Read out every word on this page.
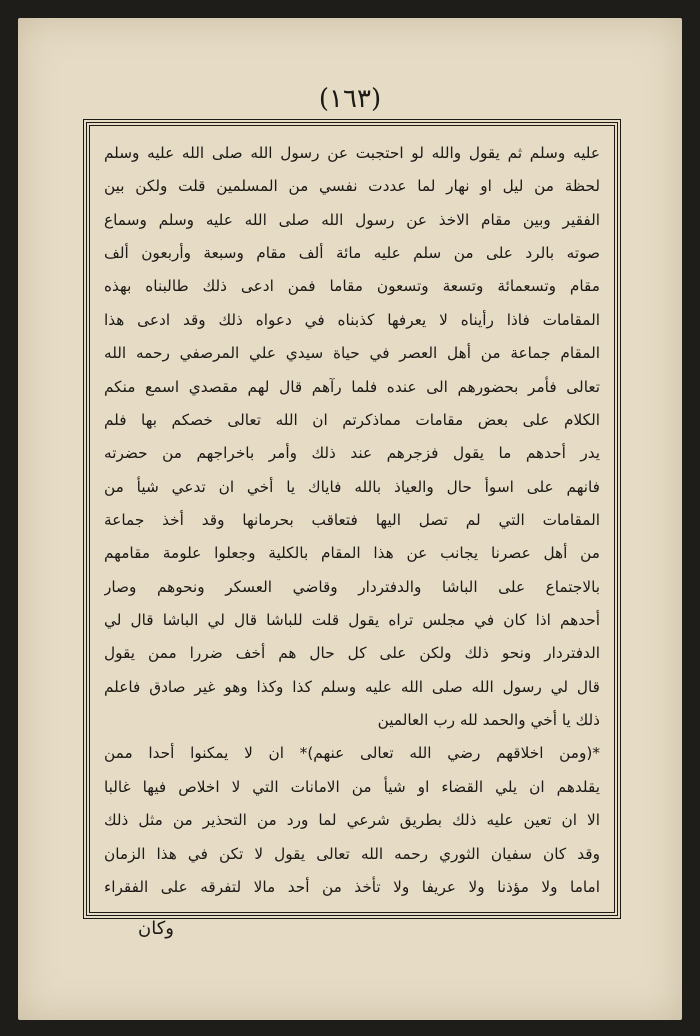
(١٦٣)
عليه وسلم ثم يقول والله لو احتجبت عن رسول الله صلى الله عليه وسلم
لحظة من ليل او نهار لما عددت نفسي من المسلمين قلت ولكن بين
الفقير وبين مقام الاخذ عن رسول الله صلى الله عليه وسلم وسماع
صوته بالرد على من سلم عليه مائة ألف مقام وسبعة وأربعون ألف
مقام وتسعمائة وتسعة وتسعون مقاما فمن ادعى ذلك طالبناه بهذه
المقامات فاذا رأيناه لا يعرفها كذبناه في دعواه ذلك وقد ادعى هذا
المقام جماعة من أهل العصر في حياة سيدي علي المرصفي رحمه الله
تعالى فأمر بحضورهم الى عنده فلما رآهم قال لهم مقصدي اسمع منكم
الكلام على بعض مقامات مماذكرتم ان الله تعالى خصكم بها فلم
يدر أحدهم ما يقول فزجرهم عند ذلك وأمر باخراجهم من حضرته
فانهم على اسوأ حال والعياذ بالله فاياك يا أخي ان تدعي شيأ من
المقامات التي لم تصل اليها فتعاقب بحرمانها وقد أخذ جماعة
من أهل عصرنا يجانب عن هذا المقام بالكلية وجعلوا علومة مقامهم
بالاجتماع على الباشا والدفتردار وقاضي العسكر ونحوهم وصار
أحدهم اذا كان في مجلس تراه يقول قلت للباشا قال لي الباشا قال لي
الدفتردار ونحو ذلك ولكن على كل حال هم أخف ضررا ممن يقول
قال لي رسول الله صلى الله عليه وسلم كذا وكذا وهو غير صادق فاعلم
ذلك يا أخي والحمد لله رب العالمين
*(ومن اخلاقهم رضي الله تعالى عنهم)* ان لا يمكنوا أحدا ممن
يقلدهم ان يلي القضاء او شيأ من الامانات التي لا اخلاص فيها غالبا
الا ان تعين عليه ذلك بطريق شرعي لما ورد من التحذير من مثل ذلك
وقد كان سفيان الثوري رحمه الله تعالى يقول لا تكن في هذا الزمان
اماما ولا مؤذنا ولا عريفا ولا تأخذ من أحد مالا لتفرقه على الفقراء
وكان
